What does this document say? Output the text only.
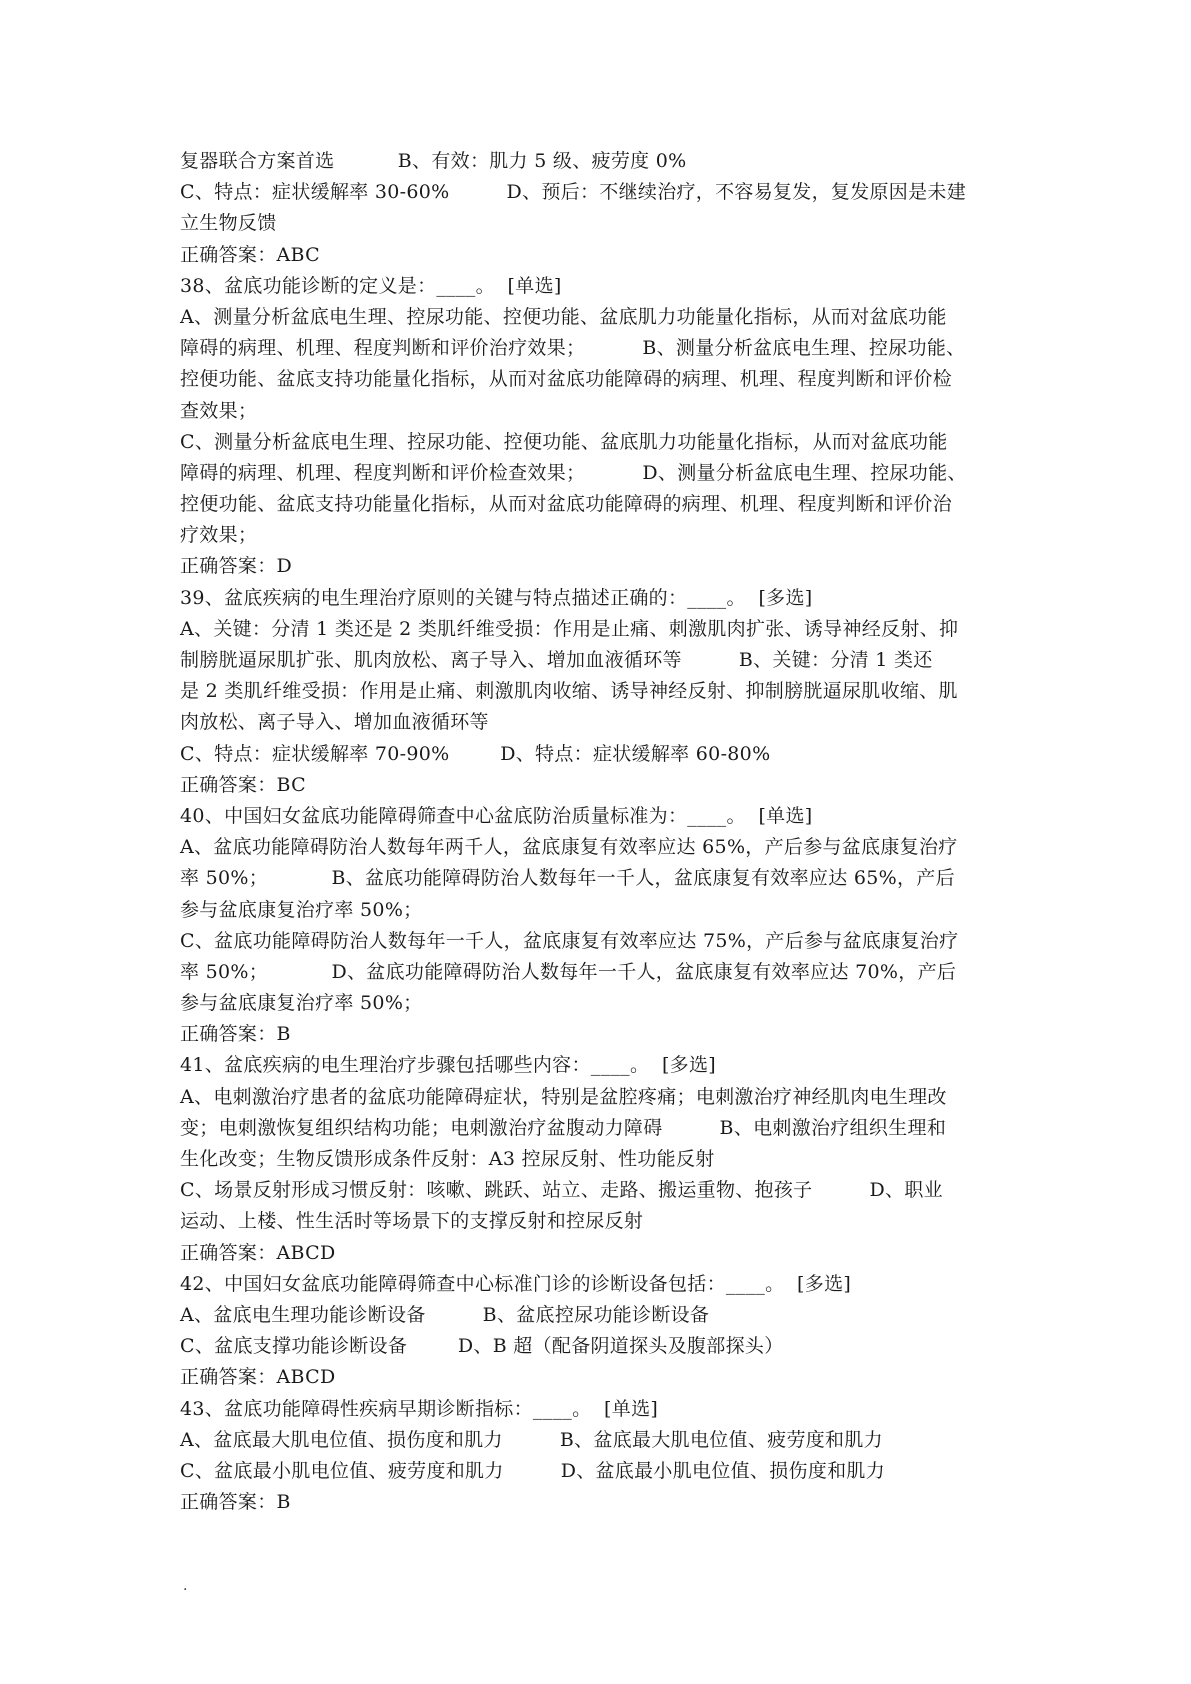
复器联合方案首选          B、有效：肌力 5 级、疲劳度 0%
C、特点：症状缓解率 30-60%         D、预后：不继续治疗，不容易复发，复发原因是未建
立生物反馈
正确答案：ABC
38、盆底功能诊断的定义是：____。  [单选]
A、测量分析盆底电生理、控尿功能、控便功能、盆底肌力功能量化指标，从而对盆底功能
障碍的病理、机理、程度判断和评价治疗效果；         B、测量分析盆底电生理、控尿功能、
控便功能、盆底支持功能量化指标，从而对盆底功能障碍的病理、机理、程度判断和评价检
查效果；
C、测量分析盆底电生理、控尿功能、控便功能、盆底肌力功能量化指标，从而对盆底功能
障碍的病理、机理、程度判断和评价检查效果；         D、测量分析盆底电生理、控尿功能、
控便功能、盆底支持功能量化指标，从而对盆底功能障碍的病理、机理、程度判断和评价治
疗效果；
正确答案：D
39、盆底疾病的电生理治疗原则的关键与特点描述正确的：____。  [多选]
A、关键：分清 1 类还是 2 类肌纤维受损：作用是止痛、刺激肌肉扩张、诱导神经反射、抑
制膀胱逼尿肌扩张、肌肉放松、离子导入、增加血液循环等         B、关键：分清 1 类还
是 2 类肌纤维受损：作用是止痛、刺激肌肉收缩、诱导神经反射、抑制膀胱逼尿肌收缩、肌
肉放松、离子导入、增加血液循环等
C、特点：症状缓解率 70-90%        D、特点：症状缓解率 60-80%
正确答案：BC
40、中国妇女盆底功能障碍筛查中心盆底防治质量标准为：____。  [单选]
A、盆底功能障碍防治人数每年两千人，盆底康复有效率应达 65%，产后参与盆底康复治疗
率 50%；          B、盆底功能障碍防治人数每年一千人，盆底康复有效率应达 65%，产后
参与盆底康复治疗率 50%；
C、盆底功能障碍防治人数每年一千人，盆底康复有效率应达 75%，产后参与盆底康复治疗
率 50%；          D、盆底功能障碍防治人数每年一千人，盆底康复有效率应达 70%，产后
参与盆底康复治疗率 50%；
正确答案：B
41、盆底疾病的电生理治疗步骤包括哪些内容：____。  [多选]
A、电刺激治疗患者的盆底功能障碍症状，特别是盆腔疼痛；电刺激治疗神经肌肉电生理改
变；电刺激恢复组织结构功能；电刺激治疗盆腹动力障碍         B、电刺激治疗组织生理和
生化改变；生物反馈形成条件反射：A3 控尿反射、性功能反射
C、场景反射形成习惯反射：咳嗽、跳跃、站立、走路、搬运重物、抱孩子         D、职业
运动、上楼、性生活时等场景下的支撑反射和控尿反射
正确答案：ABCD
42、中国妇女盆底功能障碍筛查中心标准门诊的诊断设备包括：____。  [多选]
A、盆底电生理功能诊断设备         B、盆底控尿功能诊断设备
C、盆底支撑功能诊断设备        D、B 超（配备阴道探头及腹部探头）
正确答案：ABCD
43、盆底功能障碍性疾病早期诊断指标：____。  [单选]
A、盆底最大肌电位值、损伤度和肌力         B、盆底最大肌电位值、疲劳度和肌力
C、盆底最小肌电位值、疲劳度和肌力         D、盆底最小肌电位值、损伤度和肌力
正确答案：B
.
